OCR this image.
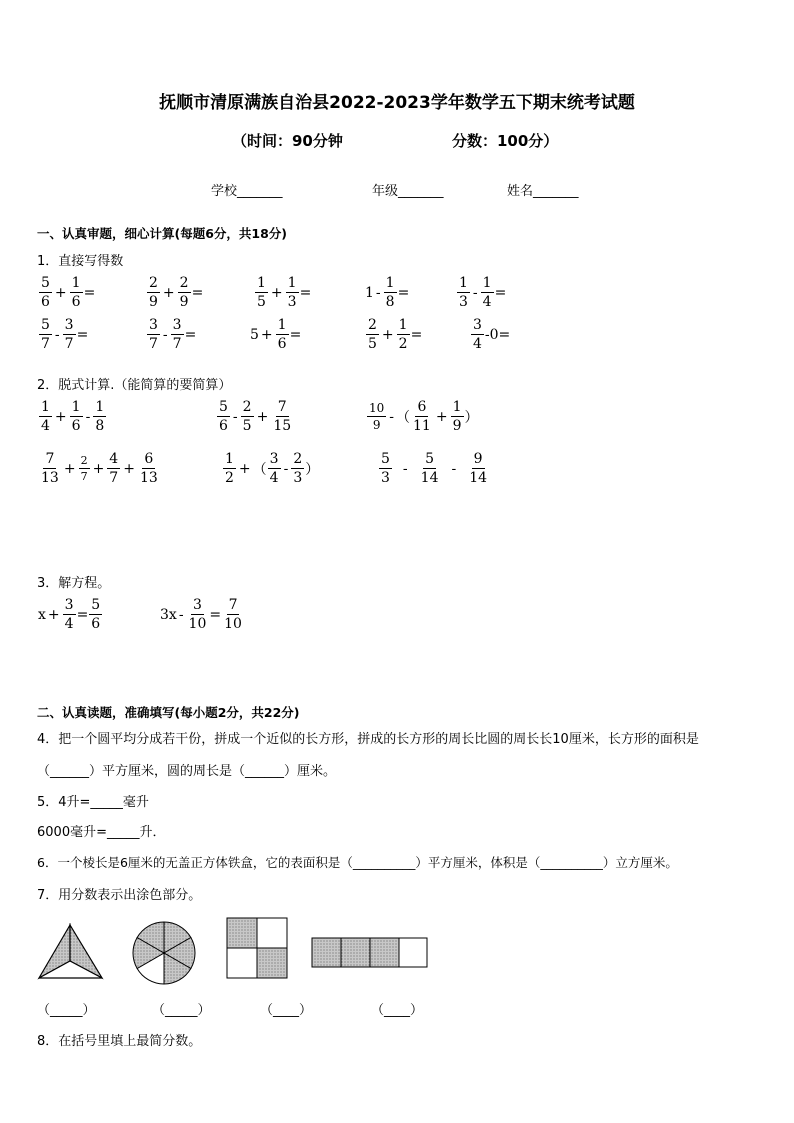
抚顺市清原满族自治县2022-2023学年数学五下期末统考试题
（时间：90分钟	分数：100分）
学校_______	年级_______	姓名_______
一、认真审题，细心计算(每题6分，共18分)
1．直接写得数
$\frac{5}{6} + \frac{1}{6}$ =	$\frac{2}{9} + \frac{2}{9}$ =	$\frac{1}{5} + \frac{1}{3}$ =	$1 - \frac{1}{8}$ =	$\frac{1}{3} - \frac{1}{4}$ =
$\frac{5}{7} - \frac{3}{7}$ =	$\frac{3}{7} - \frac{3}{7}$ =	$5 + \frac{1}{6}$ =	$\frac{2}{5} + \frac{1}{2}$ =	$\frac{3}{4} -0=$
2．脱式计算.（能简算的要简算）
$\frac{1}{4} + \frac{1}{6} - \frac{1}{8}$	$\frac{5}{6} - \frac{2}{5} + \frac{7}{15}$	$\frac{10}{9}$ - （ $\frac{6}{11} + \frac{1}{9}$ ）
$\frac{7}{13} + \frac{2}{7} + \frac{4}{7} + \frac{6}{13}$	$\frac{1}{2}$ + （ $\frac{3}{4} - \frac{2}{3}$ ）	$\frac{5}{3} - \frac{5}{14} - \frac{9}{14}$
3．解方程。
$x + \frac{3}{4} = \frac{5}{6}$	$3x - \frac{3}{10} = \frac{7}{10}$
二、认真读题，准确填写(每小题2分，共22分)
4．把一个圆平均分成若干份，拼成一个近似的长方形，拼成的长方形的周长比圆的周长长10厘米，长方形的面积是
（______）平方厘米，圆的周长是（______）厘米。
5．4升=_____毫升
6000毫升=_____升．
6．一个棱长是6厘米的无盖正方体铁盒，它的表面积是（__________）平方厘米，体积是（__________）立方厘米。
7．用分数表示出涂色部分。
（_____）	（_____）	（____）	（____）
8．在括号里填上最简分数。
